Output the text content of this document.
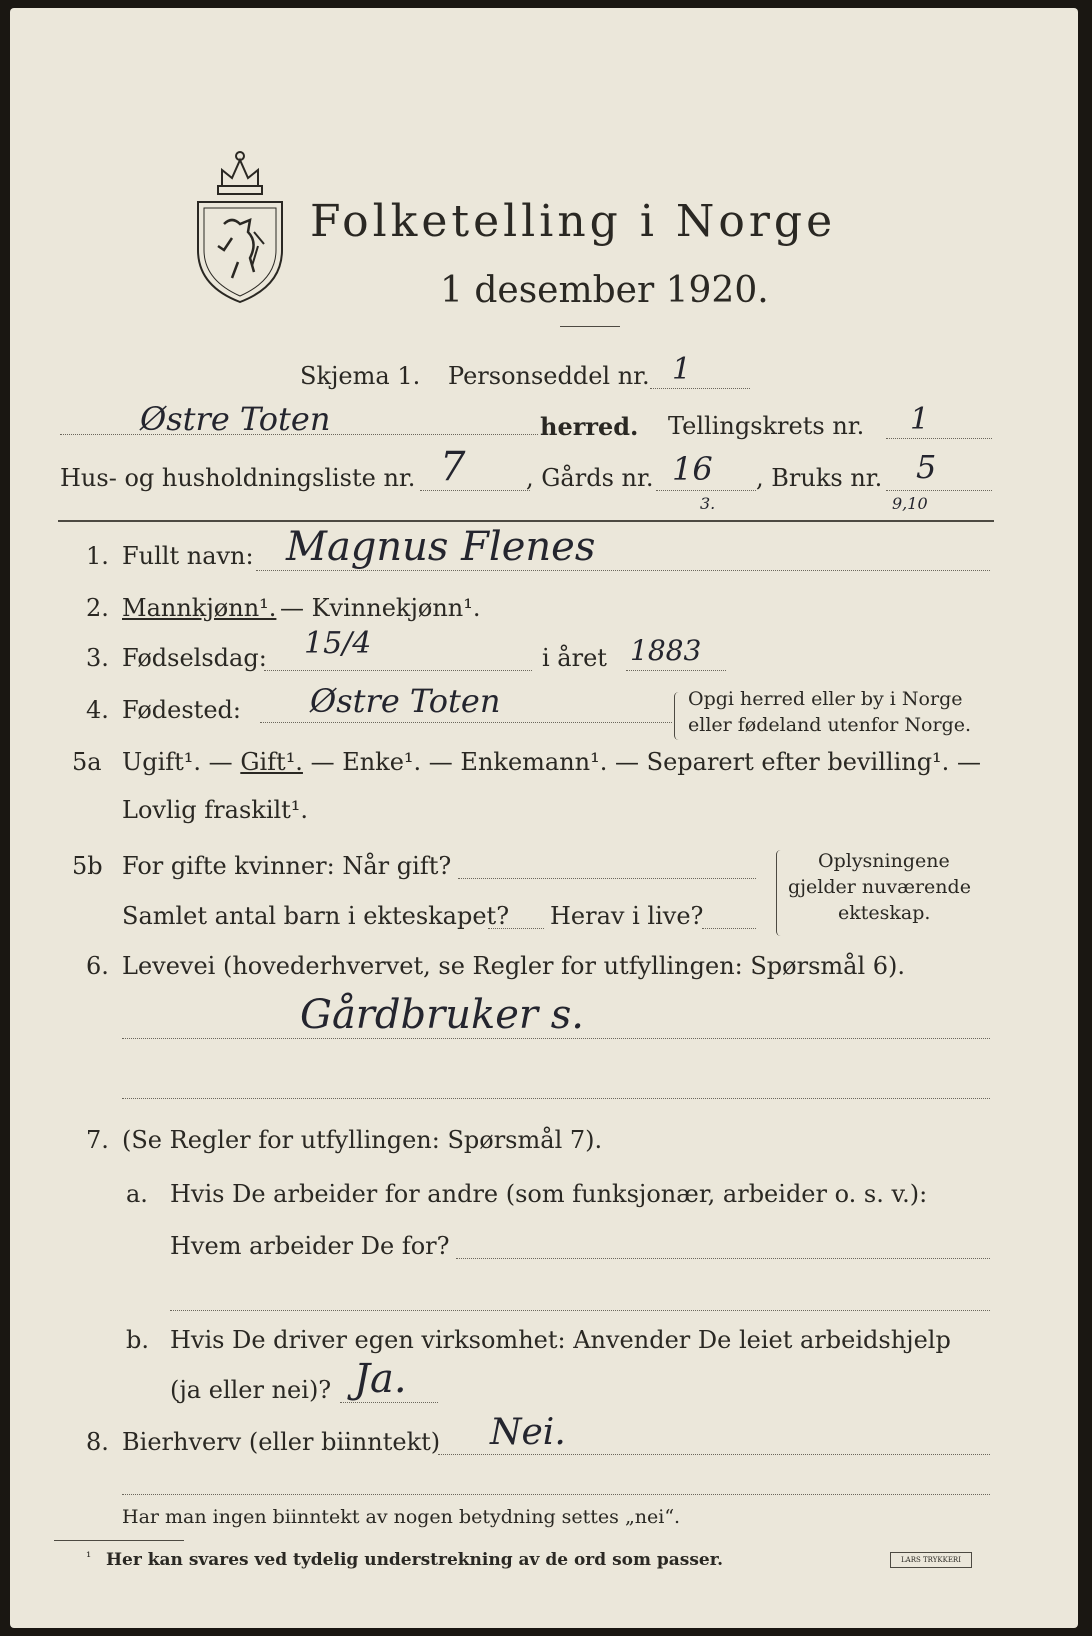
Folketelling i Norge
1 desember 1920.
Skjema 1. Personseddel nr. 1
Østre Toten	herred. Tellingskrets nr. 1
Hus- og husholdningsliste nr. 7	, Gårds nr. 16
3.
, Bruks nr. 5
9,10
1. Fullt navn: Magnus Flenes
2. Mannkjønn¹. — Kvinnekjønn¹.
3. Fødselsdag: 15/4	i året 1883
4. Fødested: Østre Toten	Opgi herred eller by i Norge
eller fødeland utenfor Norge.
5a Ugift¹. — Gift¹. — Enke¹. — Enkemann¹. — Separert efter bevilling¹. —
Lovlig fraskilt¹.
5b For gifte kvinner: Når gift?
Samlet antal barn i ekteskapet? Herav i live?
Oplysningene
gjelder nuværende
ekteskap.
6. Levevei (hovederhvervet, se Regler for utfyllingen: Spørsmål 6).
Gårdbruker s.
7. (Se Regler for utfyllingen: Spørsmål 7).
a. Hvis De arbeider for andre (som funksjonær, arbeider o. s. v.):
Hvem arbeider De for?
b. Hvis De driver egen virksomhet: Anvender De leiet arbeidshjelp
(ja eller nei)? Ja.
8. Bierhverv (eller biinntekt) Nei.
Har man ingen biinntekt av nogen betydning settes „nei“.
¹ Her kan svares ved tydelig understrekning av de ord som passer.	LARS TRYKKERI
